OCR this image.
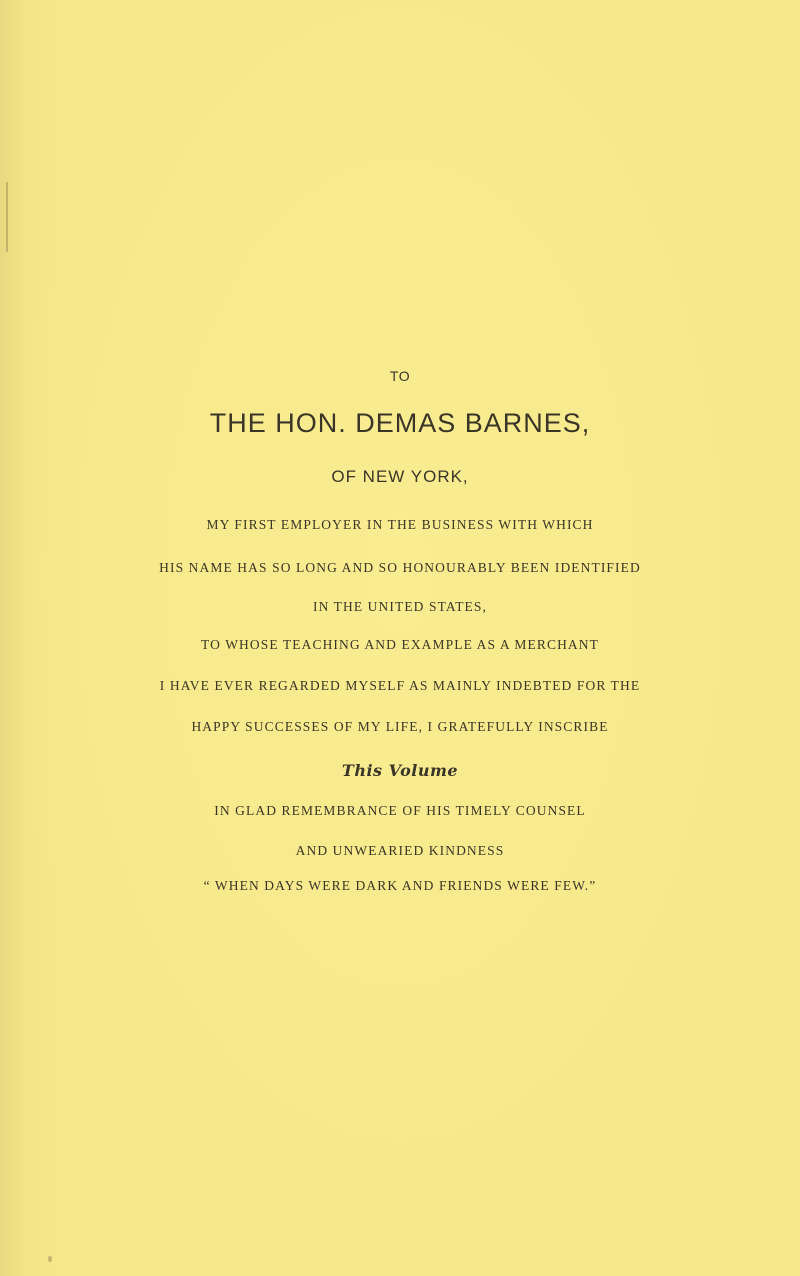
TO
THE HON. DEMAS BARNES,
OF NEW YORK,
MY FIRST EMPLOYER IN THE BUSINESS WITH WHICH
HIS NAME HAS SO LONG AND SO HONOURABLY BEEN IDENTIFIED
IN THE UNITED STATES,
TO WHOSE TEACHING AND EXAMPLE AS A MERCHANT
I HAVE EVER REGARDED MYSELF AS MAINLY INDEBTED FOR THE
HAPPY SUCCESSES OF MY LIFE, I GRATEFULLY INSCRIBE
This Volume
IN GLAD REMEMBRANCE OF HIS TIMELY COUNSEL
AND UNWEARIED KINDNESS
“ WHEN DAYS WERE DARK AND FRIENDS WERE FEW.”
